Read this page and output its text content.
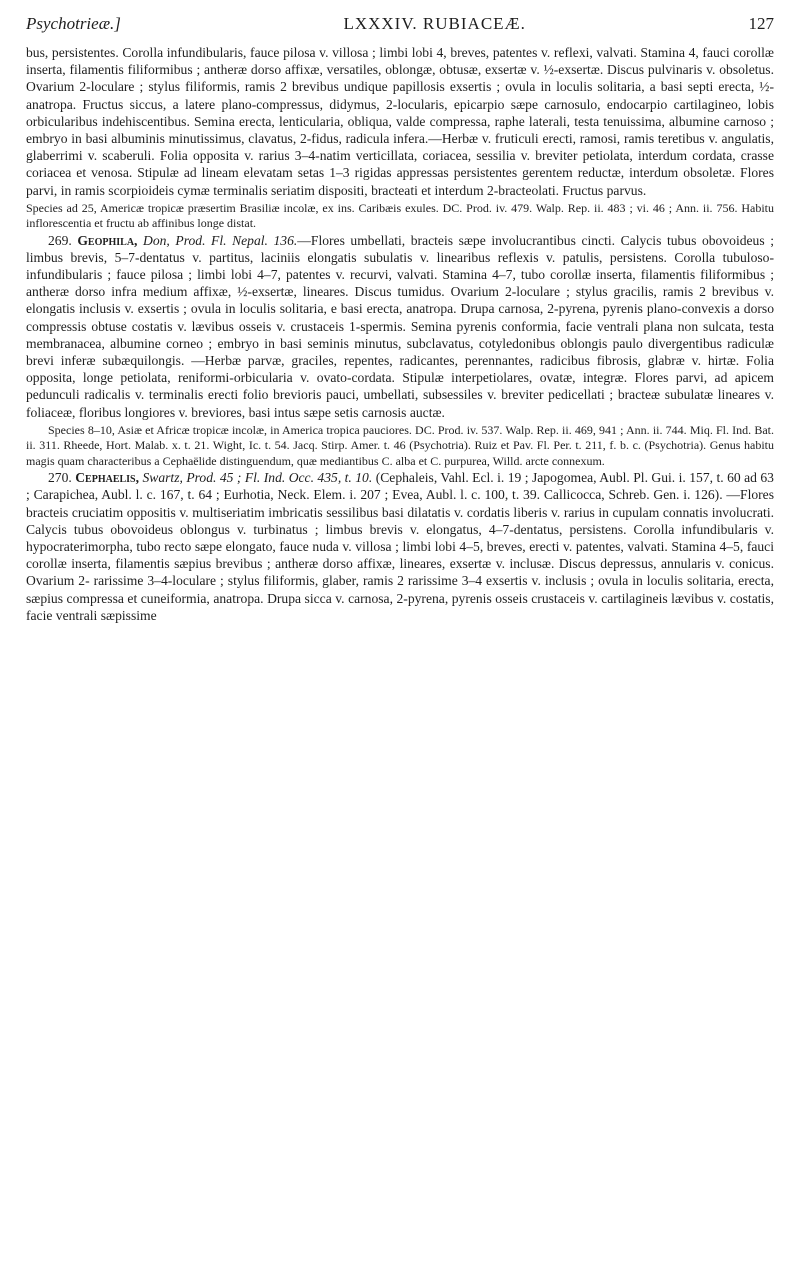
Psychotrieæ.]	LXXXIV. RUBIACEÆ.	127

bus, persistentes. Corolla infundibularis, fauce pilosa v. villosa ; limbi lobi 4, breves, patentes v. reflexi, valvati. Stamina 4, fauci corollæ inserta, filamentis filiformibus ; antheræ dorso affixæ, versatiles, oblongæ, obtusæ, exsertæ v. ½-exsertæ. Discus pulvinaris v. obsoletus. Ovarium 2-loculare ; stylus filiformis, ramis 2 brevibus undique papillosis exsertis ; ovula in loculis solitaria, a basi septi erecta, ½-anatropa. Fructus siccus, a latere plano-compressus, didymus, 2-locularis, epicarpio sæpe carnosulo, endocarpio cartilagineo, lobis orbicularibus indehiscentibus. Semina erecta, lenticularia, obliqua, valde compressa, raphe laterali, testa tenuissima, albumine carnoso ; embryo in basi albuminis minutissimus, clavatus, 2-fidus, radicula infera.—Herbæ v. fruticuli erecti, ramosi, ramis teretibus v. angulatis, glaberrimi v. scaberuli. Folia opposita v. rarius 3–4-natim verticillata, coriacea, sessilia v. breviter petiolata, interdum cordata, crasse coriacea et venosa. Stipulæ ad lineam elevatam setas 1–3 rigidas appressas persistentes gerentem reductæ, interdum obsoletæ. Flores parvi, in ramis scorpioideis cymæ terminalis seriatim dispositi, bracteati et interdum 2-bracteolati. Fructus parvus.

Species ad 25, Americæ tropicæ præsertim Brasiliæ incolæ, ex ins. Caribæis exules. DC. Prod. iv. 479. Walp. Rep. ii. 483 ; vi. 46 ; Ann. ii. 756. Habitu inflorescentia et fructu ab affinibus longe distat.

269. Geophila, Don, Prod. Fl. Nepal. 136.—Flores umbellati, bracteis sæpe involucrantibus cincti. Calycis tubus obovoideus ; limbus brevis, 5–7-dentatus v. partitus, laciniis elongatis subulatis v. linearibus reflexis v. patulis, persistens. Corolla tubuloso-infundibularis ; fauce pilosa ; limbi lobi 4–7, patentes v. recurvi, valvati. Stamina 4–7, tubo corollæ inserta, filamentis filiformibus ; antheræ dorso infra medium affixæ, ½-exsertæ, lineares. Discus tumidus. Ovarium 2-loculare ; stylus gracilis, ramis 2 brevibus v. elongatis inclusis v. exsertis ; ovula in loculis solitaria, e basi erecta, anatropa. Drupa carnosa, 2-pyrena, pyrenis plano-convexis a dorso compressis obtuse costatis v. lævibus osseis v. crustaceis 1-spermis. Semina pyrenis conformia, facie ventrali plana non sulcata, testa membranacea, albumine corneo ; embryo in basi seminis minutus, subclavatus, cotyledonibus oblongis paulo divergentibus radiculæ brevi inferæ subæquilongis. —Herbæ parvæ, graciles, repentes, radicantes, perennantes, radicibus fibrosis, glabræ v. hirtæ. Folia opposita, longe petiolata, reniformi-orbicularia v. ovato-cordata. Stipulæ interpetiolares, ovatæ, integræ. Flores parvi, ad apicem pedunculi radicalis v. terminalis erecti folio brevioris pauci, umbellati, subsessiles v. breviter pedicellati ; bracteæ subulatæ lineares v. foliaceæ, floribus longiores v. breviores, basi intus sæpe setis carnosis auctæ.

Species 8–10, Asiæ et Africæ tropicæ incolæ, in America tropica pauciores. DC. Prod. iv. 537. Walp. Rep. ii. 469, 941 ; Ann. ii. 744. Miq. Fl. Ind. Bat. ii. 311. Rheede, Hort. Malab. x. t. 21. Wight, Ic. t. 54. Jacq. Stirp. Amer. t. 46 (Psychotria). Ruiz et Pav. Fl. Per. t. 211, f. b. c. (Psychotria). Genus habitu magis quam characteribus a Cephaëlide distinguendum, quæ mediantibus C. alba et C. purpurea, Willd. arcte connexum.

270. Cephaelis, Swartz, Prod. 45 ; Fl. Ind. Occ. 435, t. 10. (Cephaleis, Vahl. Ecl. i. 19 ; Japogomea, Aubl. Pl. Gui. i. 157, t. 60 ad 63 ; Carapichea, Aubl. l. c. 167, t. 64 ; Eurhotia, Neck. Elem. i. 207 ; Evea, Aubl. l. c. 100, t. 39. Callicocca, Schreb. Gen. i. 126). —Flores bracteis cruciatim oppositis v. multiseriatim imbricatis sessilibus basi dilatatis v. cordatis liberis v. rarius in cupulam connatis involucrati. Calycis tubus obovoideus oblongus v. turbinatus ; limbus brevis v. elongatus, 4–7-dentatus, persistens. Corolla infundibularis v. hypocraterimorpha, tubo recto sæpe elongato, fauce nuda v. villosa ; limbi lobi 4–5, breves, erecti v. patentes, valvati. Stamina 4–5, fauci corollæ inserta, filamentis sæpius brevibus ; antheræ dorso affixæ, lineares, exsertæ v. inclusæ. Discus depressus, annularis v. conicus. Ovarium 2- rarissime 3–4-loculare ; stylus filiformis, glaber, ramis 2 rarissime 3–4 exsertis v. inclusis ; ovula in loculis solitaria, erecta, sæpius compressa et cuneiformia, anatropa. Drupa sicca v. carnosa, 2-pyrena, pyrenis osseis crustaceis v. cartilagineis lævibus v. costatis, facie ventrali sæpissime
